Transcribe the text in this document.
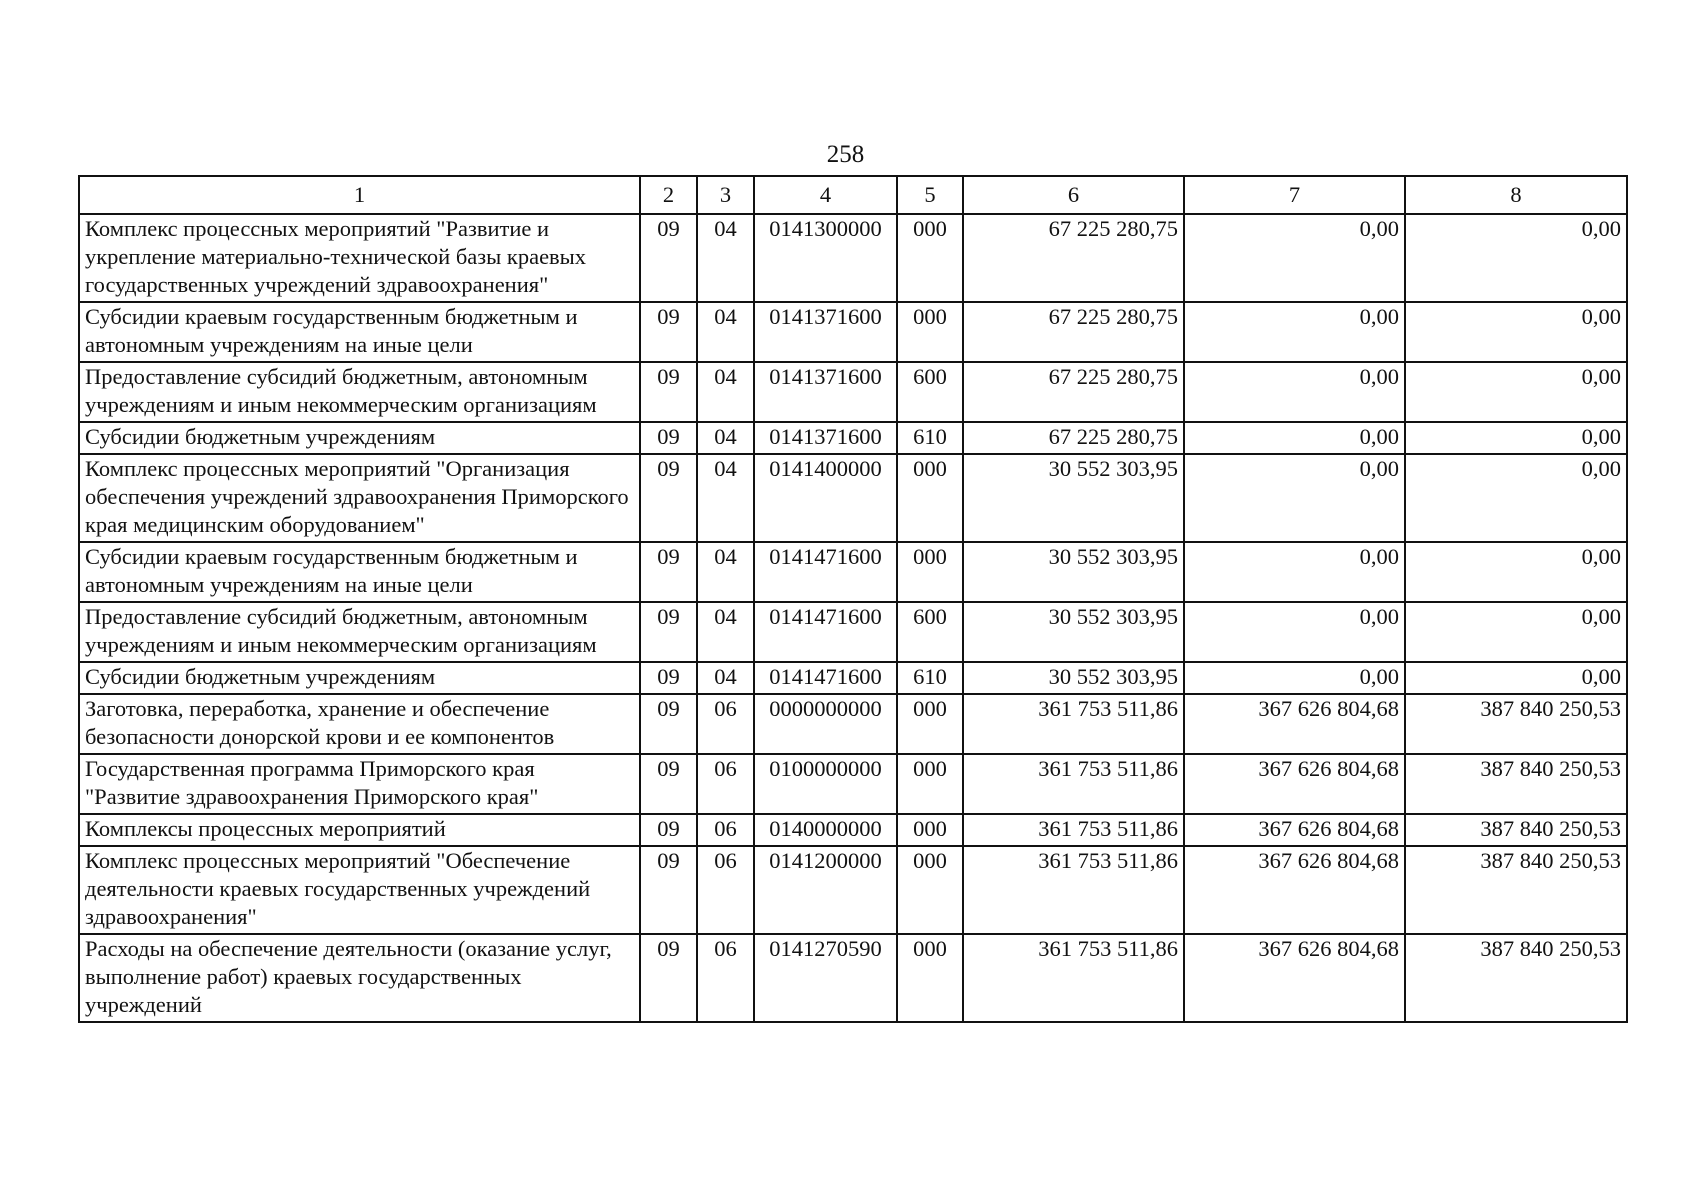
258
1	2	3	4	5	6	7	8
Комплекс процессных мероприятий "Развитие и укрепление материально-технической базы краевых государственных учреждений здравоохранения"	09	04	0141300000	000	67 225 280,75	0,00	0,00
Субсидии краевым государственным бюджетным и автономным учреждениям на иные цели	09	04	0141371600	000	67 225 280,75	0,00	0,00
Предоставление субсидий бюджетным, автономным учреждениям и иным некоммерческим организациям	09	04	0141371600	600	67 225 280,75	0,00	0,00
Субсидии бюджетным учреждениям	09	04	0141371600	610	67 225 280,75	0,00	0,00
Комплекс процессных мероприятий "Организация обеспечения учреждений здравоохранения Приморского края медицинским оборудованием"	09	04	0141400000	000	30 552 303,95	0,00	0,00
Субсидии краевым государственным бюджетным и автономным учреждениям на иные цели	09	04	0141471600	000	30 552 303,95	0,00	0,00
Предоставление субсидий бюджетным, автономным учреждениям и иным некоммерческим организациям	09	04	0141471600	600	30 552 303,95	0,00	0,00
Субсидии бюджетным учреждениям	09	04	0141471600	610	30 552 303,95	0,00	0,00
Заготовка, переработка, хранение и обеспечение безопасности донорской крови и ее компонентов	09	06	0000000000	000	361 753 511,86	367 626 804,68	387 840 250,53
Государственная программа Приморского края "Развитие здравоохранения Приморского края"	09	06	0100000000	000	361 753 511,86	367 626 804,68	387 840 250,53
Комплексы процессных мероприятий	09	06	0140000000	000	361 753 511,86	367 626 804,68	387 840 250,53
Комплекс процессных мероприятий "Обеспечение деятельности краевых государственных учреждений здравоохранения"	09	06	0141200000	000	361 753 511,86	367 626 804,68	387 840 250,53
Расходы на обеспечение деятельности (оказание услуг, выполнение работ) краевых государственных учреждений	09	06	0141270590	000	361 753 511,86	367 626 804,68	387 840 250,53
